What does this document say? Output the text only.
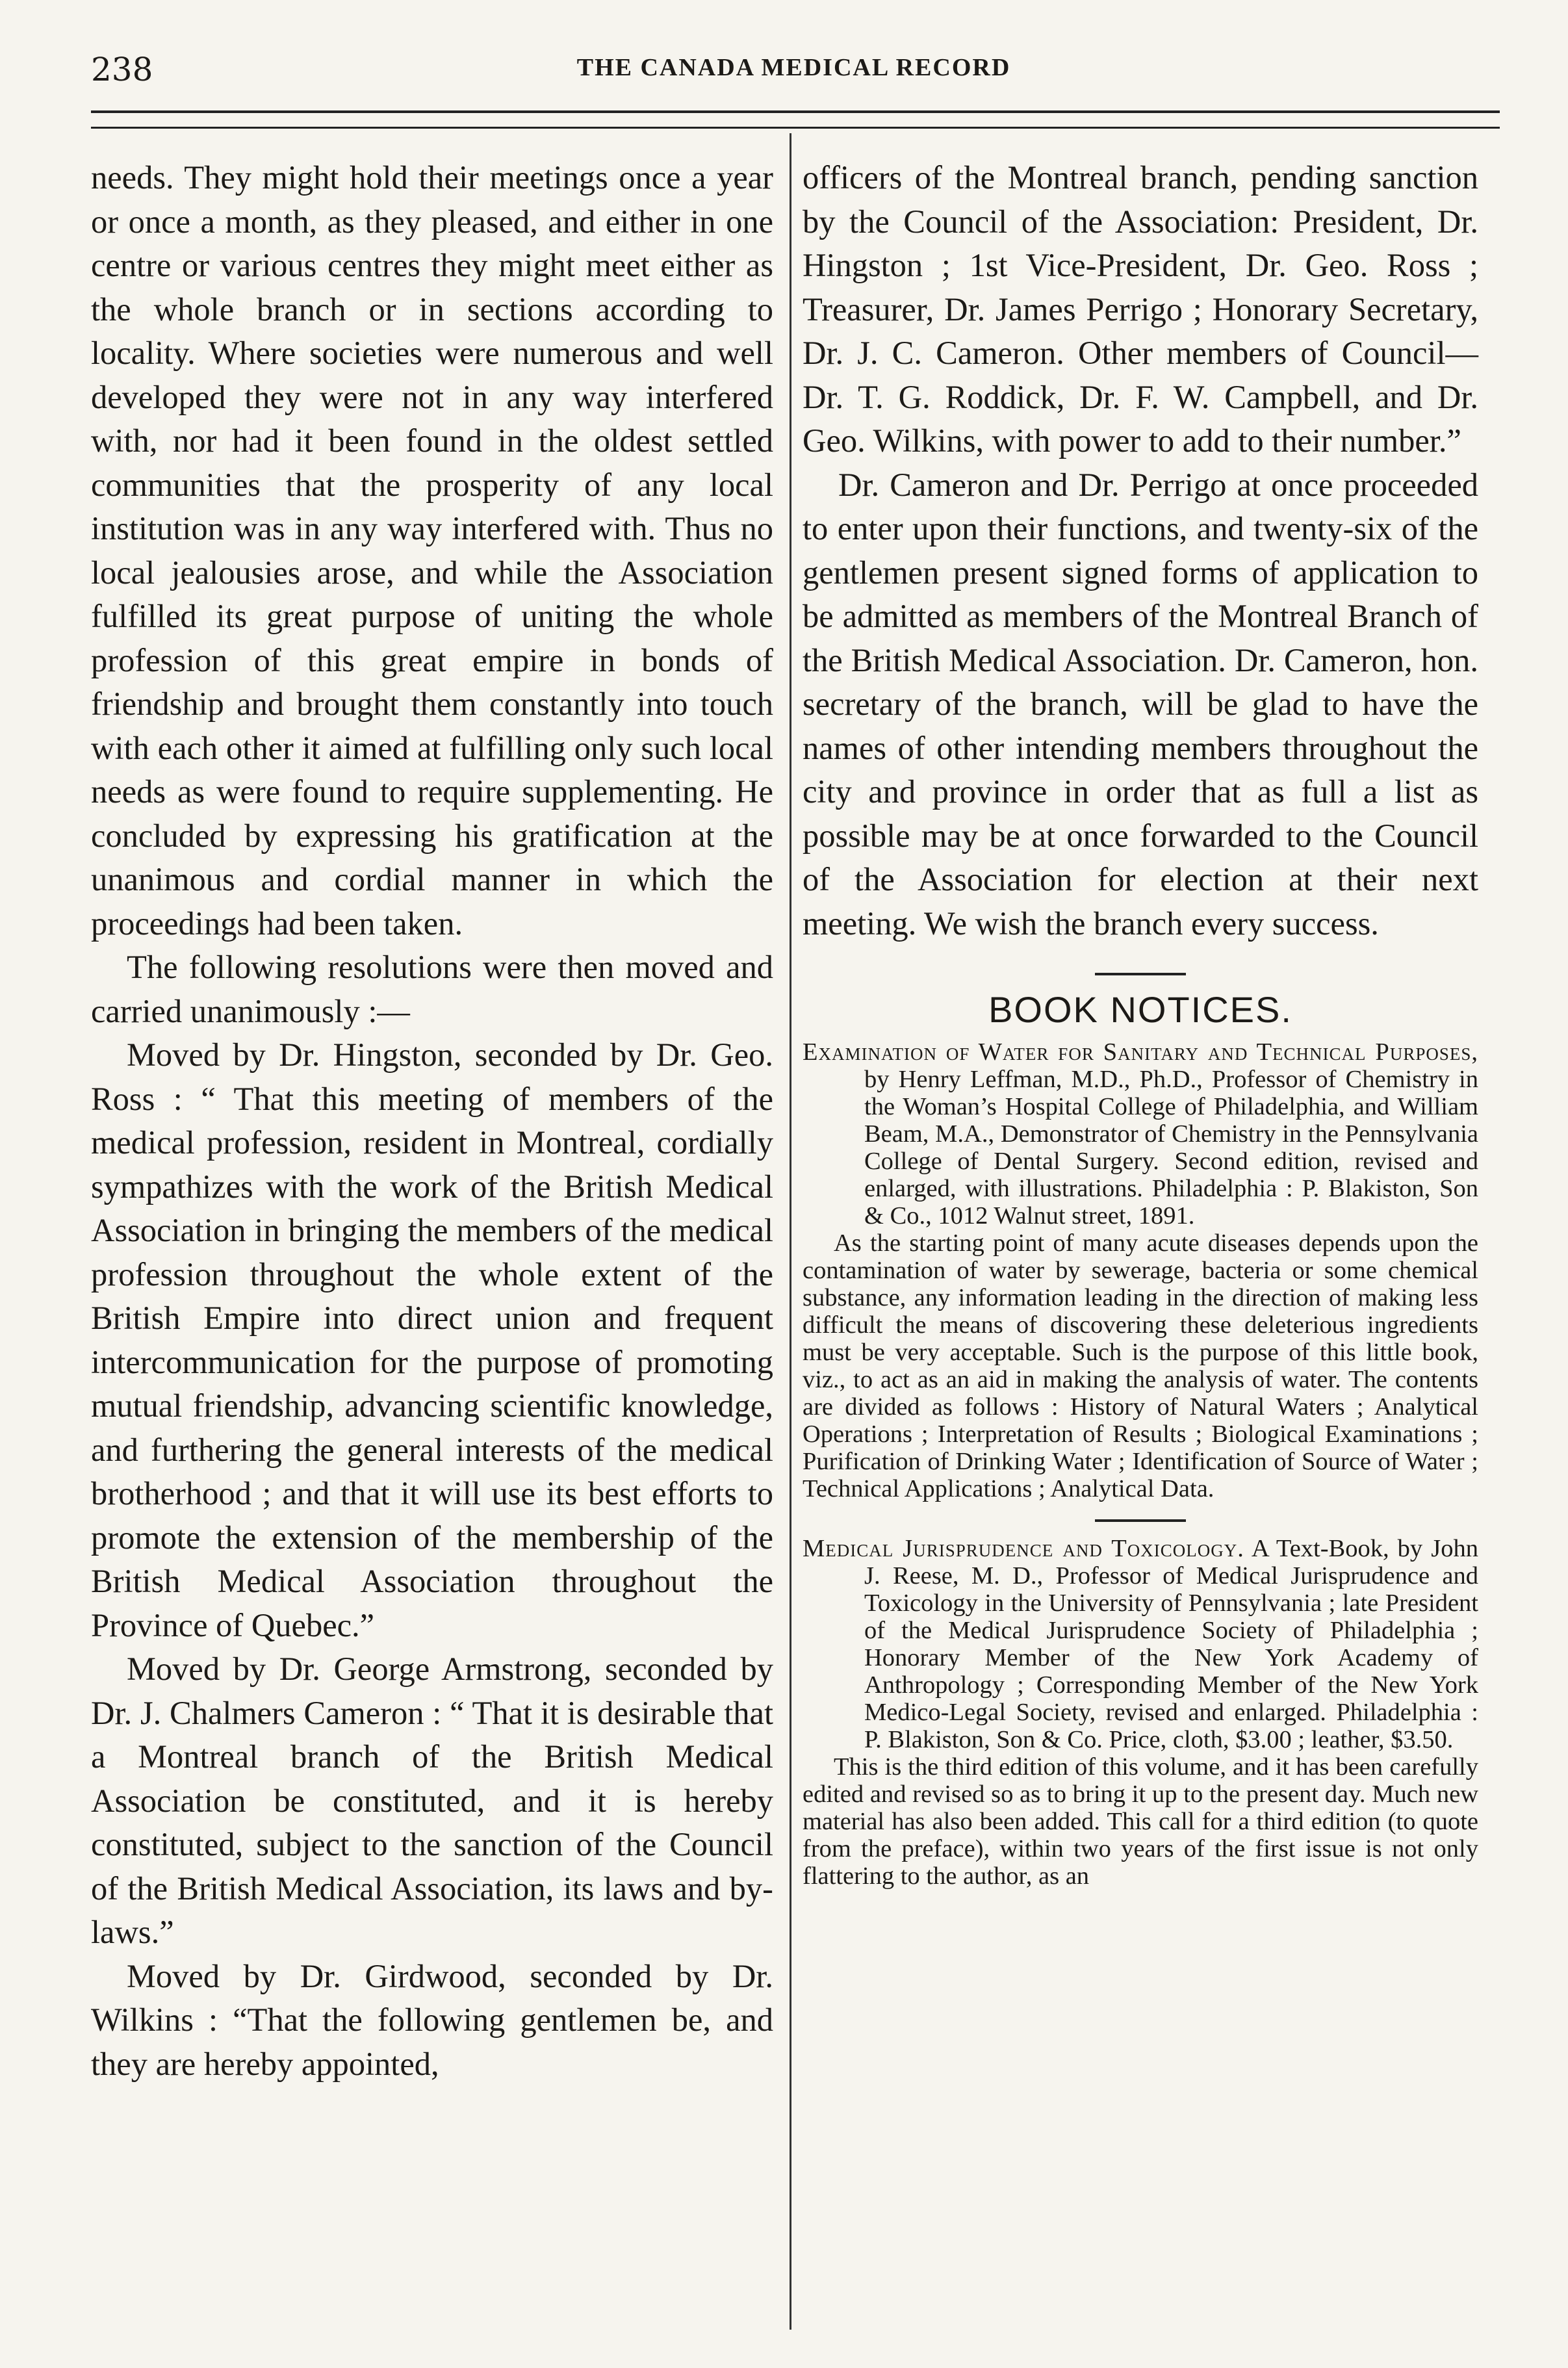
238	THE CANADA MEDICAL RECORD

needs. They might hold their meetings once a year or once a month, as they pleased, and either in one centre or various centres they might meet either as the whole branch or in sections according to locality. Where societies were numerous and well developed they were not in any way interfered with, nor had it been found in the oldest settled communities that the prosperity of any local institution was in any way interfered with. Thus no local jealousies arose, and while the Association fulfilled its great purpose of uniting the whole profession of this great empire in bonds of friendship and brought them constantly into touch with each other it aimed at fulfilling only such local needs as were found to require supplementing. He concluded by expressing his gratification at the unanimous and cordial manner in which the proceedings had been taken.

The following resolutions were then moved and carried unanimously :—

Moved by Dr. Hingston, seconded by Dr. Geo. Ross : “ That this meeting of members of the medical profession, resident in Montreal, cordially sympathizes with the work of the British Medical Association in bringing the members of the medical profession throughout the whole extent of the British Empire into direct union and frequent intercommunication for the purpose of promoting mutual friendship, advancing scientific knowledge, and furthering the general interests of the medical brotherhood ; and that it will use its best efforts to promote the extension of the membership of the British Medical Association throughout the Province of Quebec.”

Moved by Dr. George Armstrong, seconded by Dr. J. Chalmers Cameron : “ That it is desirable that a Montreal branch of the British Medical Association be constituted, and it is hereby constituted, subject to the sanction of the Council of the British Medical Association, its laws and by-laws.”

Moved by Dr. Girdwood, seconded by Dr. Wilkins : “That the following gentlemen be, and they are hereby appointed,

officers of the Montreal branch, pending sanction by the Council of the Association: President, Dr. Hingston ; 1st Vice-President, Dr. Geo. Ross ; Treasurer, Dr. James Perrigo ; Honorary Secretary, Dr. J. C. Cameron. Other members of Council—Dr. T. G. Roddick, Dr. F. W. Campbell, and Dr. Geo. Wilkins, with power to add to their number.”

Dr. Cameron and Dr. Perrigo at once proceeded to enter upon their functions, and twenty-six of the gentlemen present signed forms of application to be admitted as members of the Montreal Branch of the British Medical Association. Dr. Cameron, hon. secretary of the branch, will be glad to have the names of other intending members throughout the city and province in order that as full a list as possible may be at once forwarded to the Council of the Association for election at their next meeting. We wish the branch every success.

BOOK NOTICES.

Examination of Water for Sanitary and Technical Purposes, by Henry Leffman, M.D., Ph.D., Professor of Chemistry in the Woman’s Hospital College of Philadelphia, and William Beam, M.A., Demonstrator of Chemistry in the Pennsylvania College of Dental Surgery. Second edition, revised and enlarged, with illustrations. Philadelphia : P. Blakiston, Son & Co., 1012 Walnut street, 1891.

As the starting point of many acute diseases depends upon the contamination of water by sewerage, bacteria or some chemical substance, any information leading in the direction of making less difficult the means of discovering these deleterious ingredients must be very acceptable. Such is the purpose of this little book, viz., to act as an aid in making the analysis of water. The contents are divided as follows : History of Natural Waters ; Analytical Operations ; Interpretation of Results ; Biological Examinations ; Purification of Drinking Water ; Identification of Source of Water ; Technical Applications ; Analytical Data.

Medical Jurisprudence and Toxicology. A Text-Book, by John J. Reese, M. D., Professor of Medical Jurisprudence and Toxicology in the University of Pennsylvania ; late President of the Medical Jurisprudence Society of Philadelphia ; Honorary Member of the New York Academy of Anthropology ; Corresponding Member of the New York Medico-Legal Society, revised and enlarged. Philadelphia : P. Blakiston, Son & Co. Price, cloth, $3.00 ; leather, $3.50.

This is the third edition of this volume, and it has been carefully edited and revised so as to bring it up to the present day. Much new material has also been added. This call for a third edition (to quote from the preface), within two years of the first issue is not only flattering to the author, as an
